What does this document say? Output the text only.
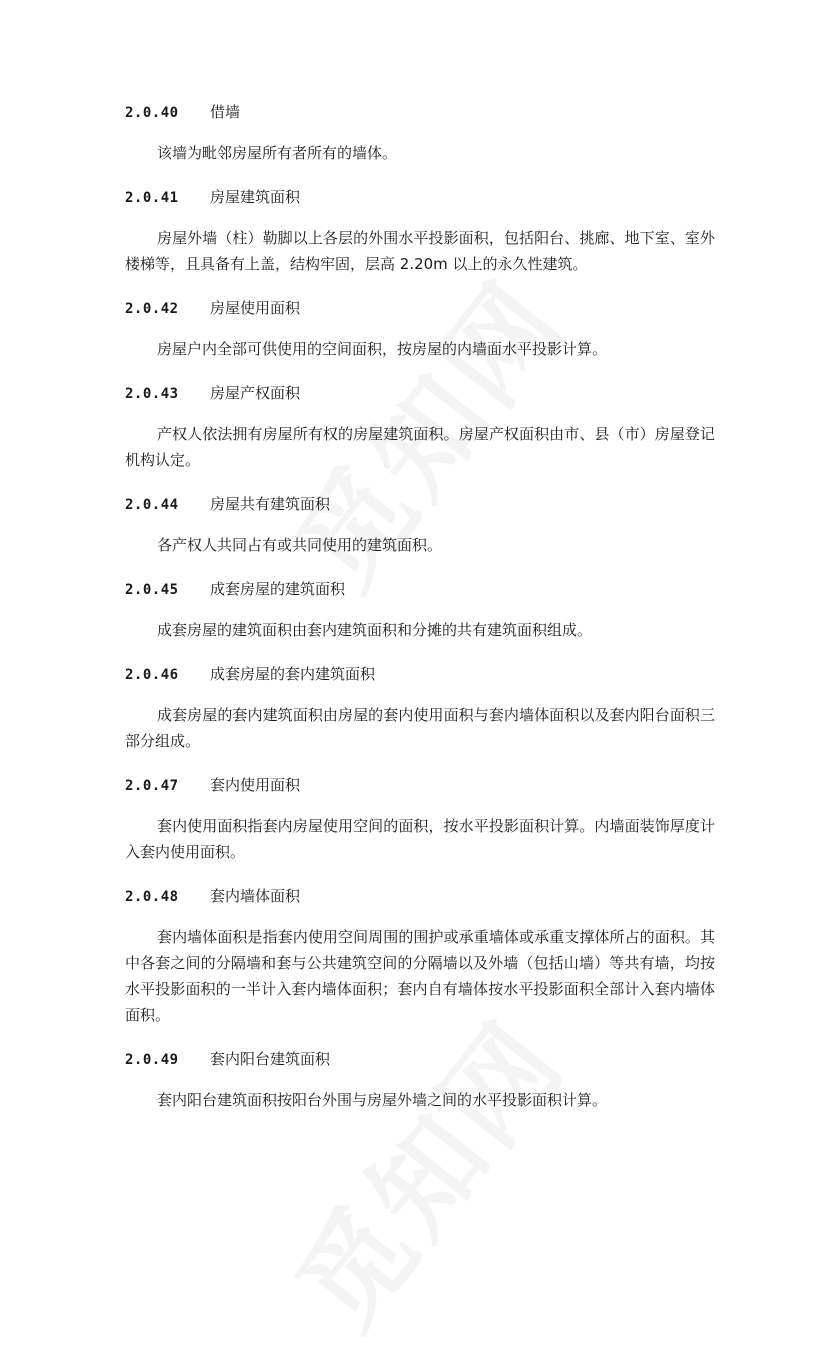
2.0.40	借墙

该墙为毗邻房屋所有者所有的墙体。

2.0.41	房屋建筑面积

房屋外墙（柱）勒脚以上各层的外围水平投影面积，包括阳台、挑廊、地下室、室外楼梯等，且具备有上盖，结构牢固，层高 2.20m 以上的永久性建筑。

2.0.42	房屋使用面积

房屋户内全部可供使用的空间面积，按房屋的内墙面水平投影计算。

2.0.43	房屋产权面积

产权人依法拥有房屋所有权的房屋建筑面积。房屋产权面积由市、县（市）房屋登记机构认定。

2.0.44	房屋共有建筑面积

各产权人共同占有或共同使用的建筑面积。

2.0.45	成套房屋的建筑面积

成套房屋的建筑面积由套内建筑面积和分摊的共有建筑面积组成。

2.0.46	成套房屋的套内建筑面积

成套房屋的套内建筑面积由房屋的套内使用面积与套内墙体面积以及套内阳台面积三部分组成。

2.0.47	套内使用面积

套内使用面积指套内房屋使用空间的面积，按水平投影面积计算。内墙面装饰厚度计入套内使用面积。

2.0.48	套内墙体面积

套内墙体面积是指套内使用空间周围的围护或承重墙体或承重支撑体所占的面积。其中各套之间的分隔墙和套与公共建筑空间的分隔墙以及外墙（包括山墙）等共有墙，均按水平投影面积的一半计入套内墙体面积；套内自有墙体按水平投影面积全部计入套内墙体面积。

2.0.49	套内阳台建筑面积

套内阳台建筑面积按阳台外围与房屋外墙之间的水平投影面积计算。
